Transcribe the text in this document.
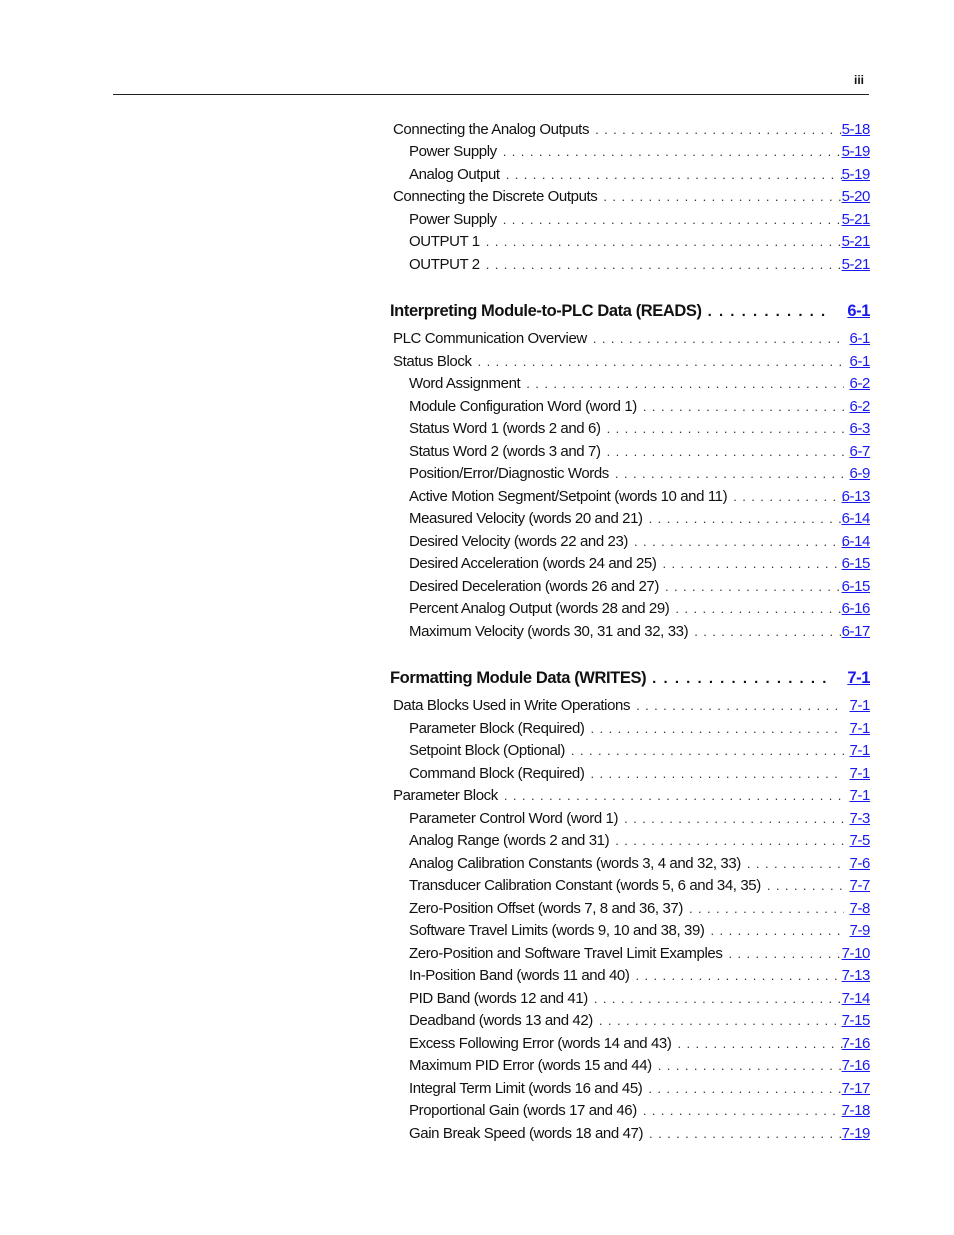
iii
Connecting the Analog Outputs . . .	5-18
Power Supply . . .	5-19
Analog Output . . .	5-19
Connecting the Discrete Outputs . . .	5-20
Power Supply . . .	5-21
OUTPUT 1 . . .	5-21
OUTPUT 2 . . .	5-21
Interpreting Module-to-PLC Data (READS) . . .	6-1
PLC Communication Overview . . .	6-1
Status Block . . .	6-1
Word Assignment . . .	6-2
Module Configuration Word (word 1) . . .	6-2
Status Word 1 (words 2 and 6) . . .	6-3
Status Word 2 (words 3 and 7) . . .	6-7
Position/Error/Diagnostic Words . . .	6-9
Active Motion Segment/Setpoint (words 10 and 11) . . .	6-13
Measured Velocity (words 20 and 21) . . .	6-14
Desired Velocity (words 22 and 23) . . .	6-14
Desired Acceleration (words 24 and 25) . . .	6-15
Desired Deceleration (words 26 and 27) . . .	6-15
Percent Analog Output (words 28 and 29) . . .	6-16
Maximum Velocity (words 30, 31 and 32, 33) . . .	6-17
Formatting Module Data (WRITES) . . .	7-1
Data Blocks Used in Write Operations . . .	7-1
Parameter Block (Required) . . .	7-1
Setpoint Block (Optional) . . .	7-1
Command Block (Required) . . .	7-1
Parameter Block . . .	7-1
Parameter Control Word (word 1) . . .	7-3
Analog Range (words 2 and 31) . . .	7-5
Analog Calibration Constants (words 3, 4 and 32, 33) . . .	7-6
Transducer Calibration Constant (words 5, 6 and 34, 35) . . .	7-7
Zero-Position Offset (words 7, 8 and 36, 37) . . .	7-8
Software Travel Limits (words 9, 10 and 38, 39) . . .	7-9
Zero-Position and Software Travel Limit Examples . . .	7-10
In-Position Band (words 11 and 40) . . .	7-13
PID Band (words 12 and 41) . . .	7-14
Deadband (words 13 and 42) . . .	7-15
Excess Following Error (words 14 and 43) . . .	7-16
Maximum PID Error (words 15 and 44) . . .	7-16
Integral Term Limit (words 16 and 45) . . .	7-17
Proportional Gain (words 17 and 46) . . .	7-18
Gain Break Speed (words 18 and 47) . . .	7-19
